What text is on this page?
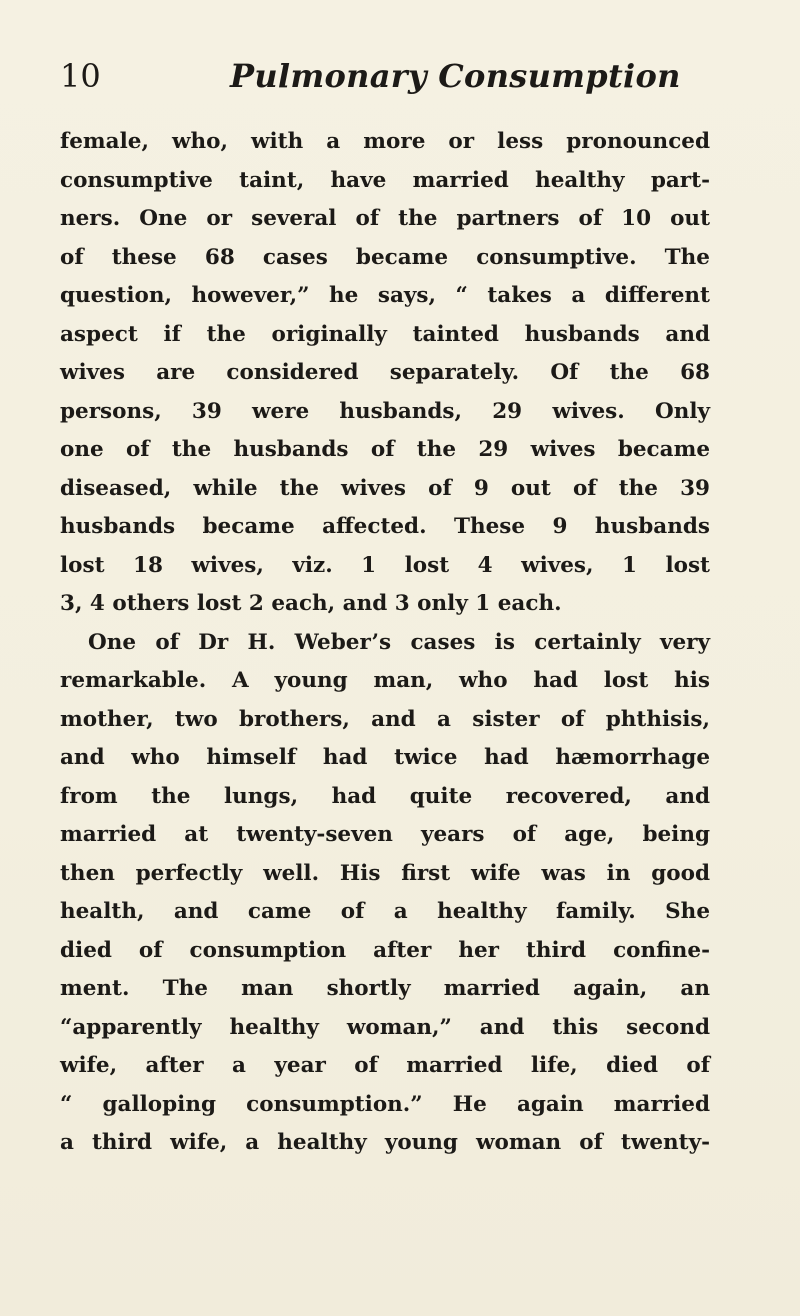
10	Pulmonary Consumption
female, who, with a more or less pronounced
consumptive taint, have married healthy part-
ners. One or several of the partners of 10 out
of these 68 cases became consumptive. The
question, however,” he says, “ takes a different
aspect if the originally tainted husbands and
wives are considered separately. Of the 68
persons, 39 were husbands, 29 wives. Only
one of the husbands of the 29 wives became
diseased, while the wives of 9 out of the 39
husbands became affected. These 9 husbands
lost 18 wives, viz. 1 lost 4 wives, 1 lost
3, 4 others lost 2 each, and 3 only 1 each.
One of Dr H. Weber’s cases is certainly very
remarkable. A young man, who had lost his
mother, two brothers, and a sister of phthisis,
and who himself had twice had hæmorrhage
from the lungs, had quite recovered, and
married at twenty-seven years of age, being
then perfectly well. His first wife was in good
health, and came of a healthy family. She
died of consumption after her third confine-
ment. The man shortly married again, an
“apparently healthy woman,” and this second
wife, after a year of married life, died of
“ galloping consumption.” He again married
a third wife, a healthy young woman of twenty-
